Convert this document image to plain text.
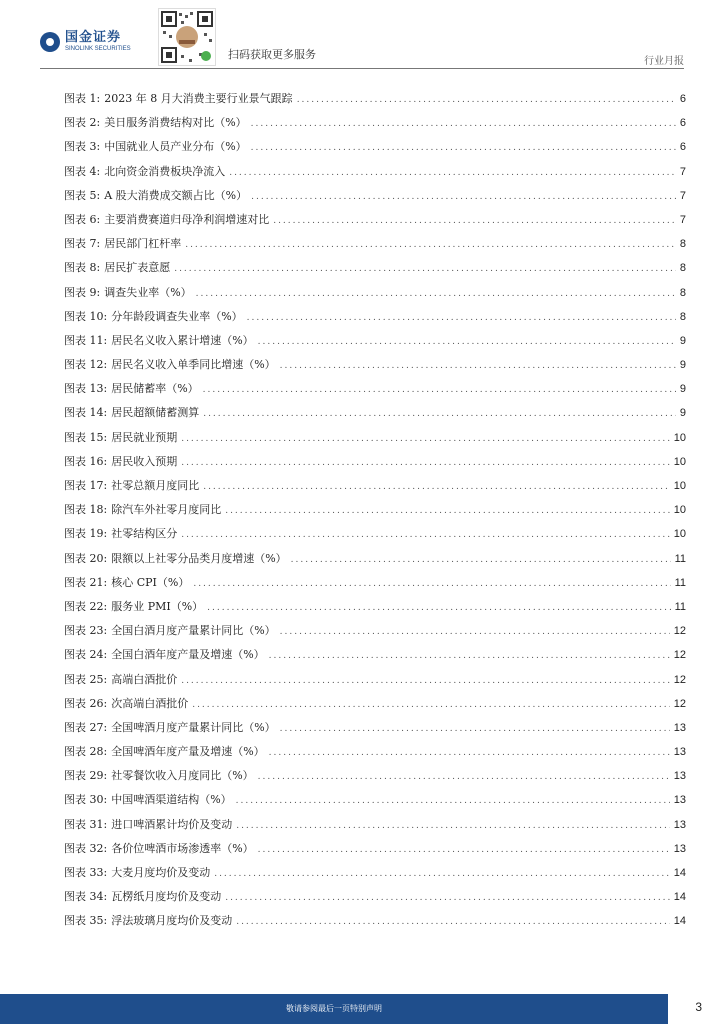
国金证券
SINOLINK SECURITIES	扫码获取更多服务
行业月报
图表 1: 2023 年 8 月大消费主要行业景气跟踪 .....	6
图表 2: 美日服务消费结构对比（%） .....	6
图表 3: 中国就业人员产业分布（%） .....	6
图表 4: 北向资金消费板块净流入 .....	7
图表 5: A 股大消费成交额占比（%） .....	7
图表 6: 主要消费赛道归母净利润增速对比 .....	7
图表 7: 居民部门杠杆率 .....	8
图表 8: 居民扩表意愿 .....	8
图表 9: 调查失业率（%） .....	8
图表 10: 分年龄段调查失业率（%） .....	8
图表 11: 居民名义收入累计增速（%） .....	9
图表 12: 居民名义收入单季同比增速（%） .....	9
图表 13: 居民储蓄率（%） .....	9
图表 14: 居民超额储蓄测算 .....	9
图表 15: 居民就业预期 .....	10
图表 16: 居民收入预期 .....	10
图表 17: 社零总额月度同比 .....	10
图表 18: 除汽车外社零月度同比 .....	10
图表 19: 社零结构区分 .....	10
图表 20: 限额以上社零分品类月度增速（%） .....	11
图表 21: 核心 CPI（%） .....	11
图表 22: 服务业 PMI（%） .....	11
图表 23: 全国白酒月度产量累计同比（%） .....	12
图表 24: 全国白酒年度产量及增速（%） .....	12
图表 25: 高端白酒批价 .....	12
图表 26: 次高端白酒批价 .....	12
图表 27: 全国啤酒月度产量累计同比（%） .....	13
图表 28: 全国啤酒年度产量及增速（%） .....	13
图表 29: 社零餐饮收入月度同比（%） .....	13
图表 30: 中国啤酒渠道结构（%） .....	13
图表 31: 进口啤酒累计均价及变动 .....	13
图表 32: 各价位啤酒市场渗透率（%） .....	13
图表 33: 大麦月度均价及变动 .....	14
图表 34: 瓦楞纸月度均价及变动 .....	14
图表 35: 浮法玻璃月度均价及变动 .....	14
敬请参阅最后一页特别声明	3
